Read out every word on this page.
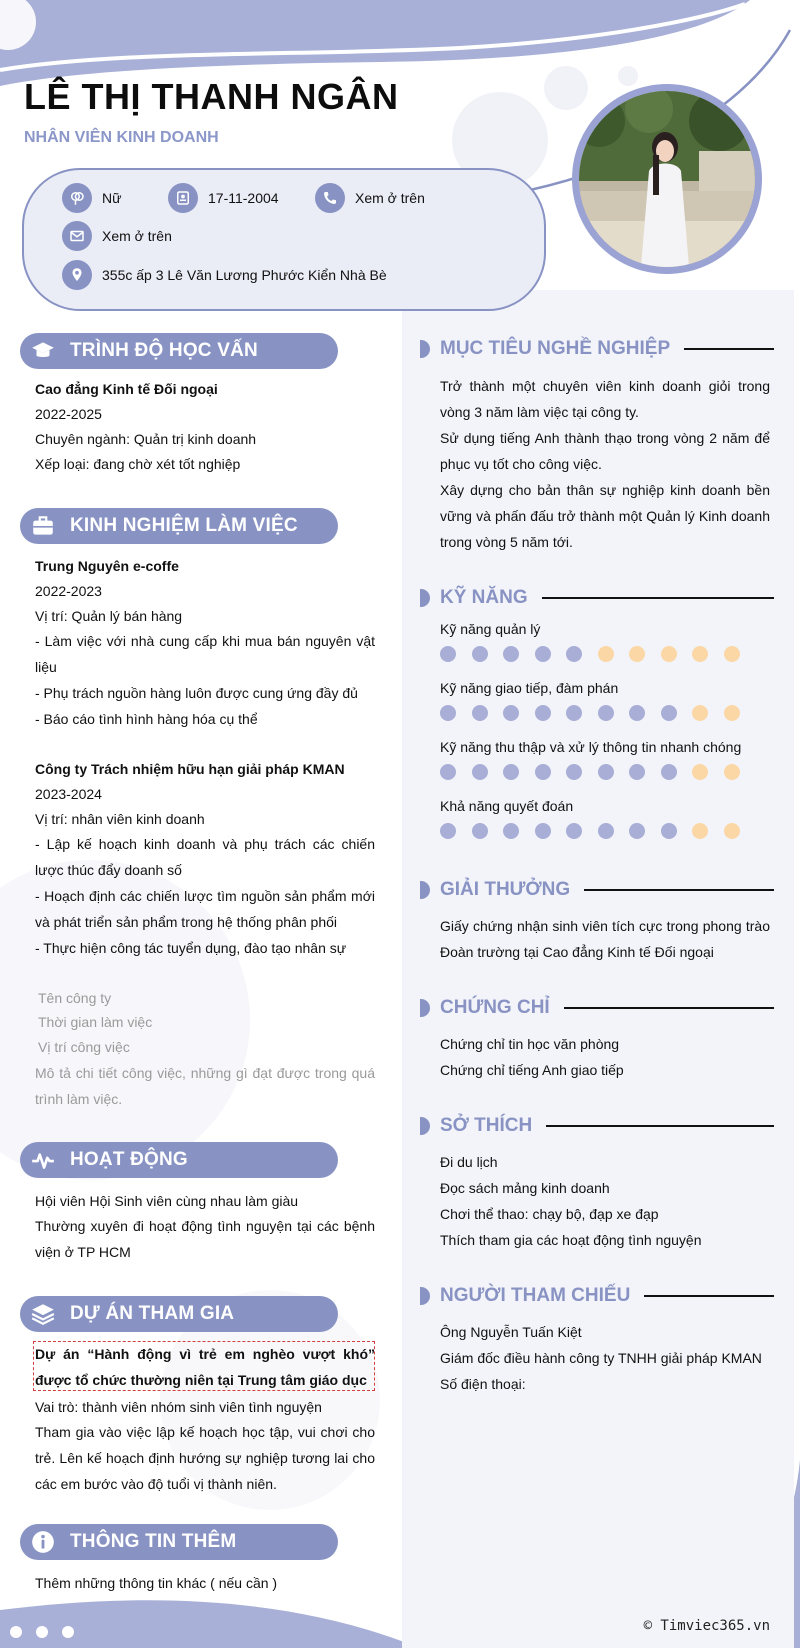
LÊ THỊ THANH NGÂN
NHÂN VIÊN KINH DOANH
Nữ	17-11-2004	Xem ở trên
Xem ở trên
355c ấp 3 Lê Văn Lương Phước Kiển Nhà Bè
TRÌNH ĐỘ HỌC VẤN
Cao đẳng Kinh tế Đối ngoại
2022-2025
Chuyên ngành: Quản trị kinh doanh
Xếp loại: đang chờ xét tốt nghiệp
KINH NGHIỆM LÀM VIỆC
Trung Nguyên e-coffe
2022-2023
Vị trí: Quản lý bán hàng
- Làm việc với nhà cung cấp khi mua bán nguyên vật liệu
- Phụ trách nguồn hàng luôn được cung ứng đầy đủ
- Báo cáo tình hình hàng hóa cụ thể
Công ty Trách nhiệm hữu hạn giải pháp KMAN
2023-2024
Vị trí: nhân viên kinh doanh
- Lập kế hoạch kinh doanh và phụ trách các chiến lược thúc đẩy doanh số
- Hoạch định các chiến lược tìm nguồn sản phẩm mới và phát triển sản phẩm trong hệ thống phân phối
- Thực hiện công tác tuyển dụng, đào tạo nhân sự
Tên công ty
Thời gian làm việc
Vị trí công việc
Mô tả chi tiết công việc, những gì đạt được trong quá trình làm việc.
HOẠT ĐỘNG
Hội viên Hội Sinh viên cùng nhau làm giàu
Thường xuyên đi hoạt động tình nguyện tại các bệnh viện ở TP HCM
DỰ ÁN THAM GIA
Dự án “Hành động vì trẻ em nghèo vượt khó” được tổ chức thường niên tại Trung tâm giáo dục
Vai trò: thành viên nhóm sinh viên tình nguyện
Tham gia vào việc lập kế hoạch học tập, vui chơi cho trẻ. Lên kế hoạch định hướng sự nghiệp tương lai cho các em bước vào độ tuổi vị thành niên.
THÔNG TIN THÊM
Thêm những thông tin khác ( nếu cần )
MỤC TIÊU NGHỀ NGHIỆP
Trở thành một chuyên viên kinh doanh giỏi trong vòng 3 năm làm việc tại công ty.
Sử dụng tiếng Anh thành thạo trong vòng 2 năm để phục vụ tốt cho công việc.
Xây dựng cho bản thân sự nghiệp kinh doanh bền vững và phấn đấu trở thành một Quản lý Kinh doanh trong vòng 5 năm tới.
KỸ NĂNG
Kỹ năng quản lý
Kỹ năng giao tiếp, đàm phán
Kỹ năng thu thập và xử lý thông tin nhanh chóng
Khả năng quyết đoán
GIẢI THƯỞNG
Giấy chứng nhận sinh viên tích cực trong phong trào Đoàn trường tại Cao đẳng Kinh tế Đối ngoại
CHỨNG CHỈ
Chứng chỉ tin học văn phòng
Chứng chỉ tiếng Anh giao tiếp
SỞ THÍCH
Đi du lịch
Đọc sách mảng kinh doanh
Chơi thể thao: chạy bộ, đạp xe đạp
Thích tham gia các hoạt động tình nguyện
NGƯỜI THAM CHIẾU
Ông Nguyễn Tuấn Kiệt
Giám đốc điều hành công ty TNHH giải pháp KMAN
Số điện thoại:
© Timviec365.vn
